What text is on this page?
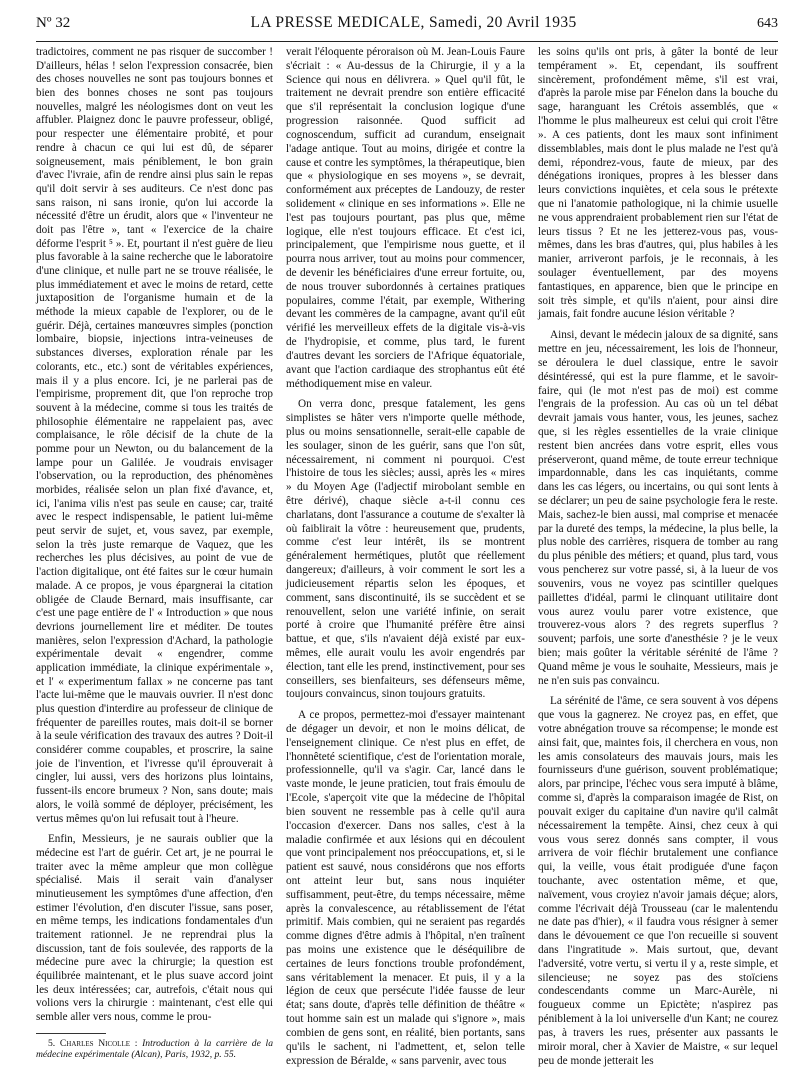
Nº 32	LA PRESSE MEDICALE, Samedi, 20 Avril 1935	643

tradictoires, comment ne pas risquer de succomber ! D'ailleurs, hélas ! selon l'expression consacrée, bien des choses nouvelles ne sont pas toujours bonnes et bien des bonnes choses ne sont pas toujours nouvelles, malgré les néologismes dont on veut les affubler. Plaignez donc le pauvre professeur, obligé, pour respecter une élémentaire probité, et pour rendre à chacun ce qui lui est dû, de séparer soigneusement, mais péniblement, le bon grain d'avec l'ivraie, afin de rendre ainsi plus sain le repas qu'il doit servir à ses auditeurs. Ce n'est donc pas sans raison, ni sans ironie, qu'on lui accorde la nécessité d'être un érudit, alors que « l'inventeur ne doit pas l'être », tant « l'exercice de la chaire déforme l'esprit ⁵ ». Et, pourtant il n'est guère de lieu plus favorable à la saine recherche que le laboratoire d'une clinique, et nulle part ne se trouve réalisée, le plus immédiatement et avec le moins de retard, cette juxtaposition de l'organisme humain et de la méthode la mieux capable de l'explorer, ou de le guérir. Déjà, certaines manœuvres simples (ponction lombaire, biopsie, injections intra-veineuses de substances diverses, exploration rénale par les colorants, etc., etc.) sont de véritables expériences, mais il y a plus encore. Ici, je ne parlerai pas de l'empirisme, proprement dit, que l'on reproche trop souvent à la médecine, comme si tous les traités de philosophie élémentaire ne rappelaient pas, avec complaisance, le rôle décisif de la chute de la pomme pour un Newton, ou du balancement de la lampe pour un Galilée. Je voudrais envisager l'observation, ou la reproduction, des phénomènes morbides, réalisée selon un plan fixé d'avance, et, ici, l'anima vilis n'est pas seule en cause; car, traité avec le respect indispensable, le patient lui-même peut servir de sujet, et, vous savez, par exemple, selon la très juste remarque de Vaquez, que les recherches les plus décisives, au point de vue de l'action digitalique, ont été faites sur le cœur humain malade. A ce propos, je vous épargnerai la citation obligée de Claude Bernard, mais insuffisante, car c'est une page entière de l' « Introduction » que nous devrions journellement lire et méditer. De toutes manières, selon l'expression d'Achard, la pathologie expérimentale devait « engendrer, comme application immédiate, la clinique expérimentale », et l' « experimentum fallax » ne concerne pas tant l'acte lui-même que le mauvais ouvrier. Il n'est donc plus question d'interdire au professeur de clinique de fréquenter de pareilles routes, mais doit-il se borner à la seule vérification des travaux des autres ? Doit-il considérer comme coupables, et proscrire, la saine joie de l'invention, et l'ivresse qu'il éprouverait à cingler, lui aussi, vers des horizons plus lointains, fussent-ils encore brumeux ? Non, sans doute; mais alors, le voilà sommé de déployer, précisément, les vertus mêmes qu'on lui refusait tout à l'heure.

Enfin, Messieurs, je ne saurais oublier que la médecine est l'art de guérir. Cet art, je ne pourrai le traiter avec la même ampleur que mon collègue spécialisé. Mais il serait vain d'analyser minutieusement les symptômes d'une affection, d'en estimer l'évolution, d'en discuter l'issue, sans poser, en même temps, les indications fondamentales d'un traitement rationnel. Je ne reprendrai plus la discussion, tant de fois soulevée, des rapports de la médecine pure avec la chirurgie; la question est équilibrée maintenant, et le plus suave accord joint les deux intéressées; car, autrefois, c'était nous qui volions vers la chirurgie : maintenant, c'est elle qui semble aller vers nous, comme le prou-

5. Charles Nicolle : Introduction à la carrière de la médecine expérimentale (Alcan), Paris, 1932, p. 55.

verait l'éloquente péroraison où M. Jean-Louis Faure s'écriait : « Au-dessus de la Chirurgie, il y a la Science qui nous en délivrera. » Quel qu'il fût, le traitement ne devrait prendre son entière efficacité que s'il représentait la conclusion logique d'une progression raisonnée. Quod sufficit ad cognoscendum, sufficit ad curandum, enseignait l'adage antique. Tout au moins, dirigée et contre la cause et contre les symptômes, la thérapeutique, bien que « physiologique en ses moyens », se devrait, conformément aux préceptes de Landouzy, de rester solidement « clinique en ses informations ». Elle ne l'est pas toujours pourtant, pas plus que, même logique, elle n'est toujours efficace. Et c'est ici, principalement, que l'empirisme nous guette, et il pourra nous arriver, tout au moins pour commencer, de devenir les bénéficiaires d'une erreur fortuite, ou, de nous trouver subordonnés à certaines pratiques populaires, comme l'était, par exemple, Withering devant les commères de la campagne, avant qu'il eût vérifié les merveilleux effets de la digitale vis-à-vis de l'hydropisie, et comme, plus tard, le furent d'autres devant les sorciers de l'Afrique équatoriale, avant que l'action cardiaque des strophantus eût été méthodiquement mise en valeur.

On verra donc, presque fatalement, les gens simplistes se hâter vers n'importe quelle méthode, plus ou moins sensationnelle, serait-elle capable de les soulager, sinon de les guérir, sans que l'on sût, nécessairement, ni comment ni pourquoi. C'est l'histoire de tous les siècles; aussi, après les « mires » du Moyen Age (l'adjectif mirobolant semble en être dérivé), chaque siècle a-t-il connu ces charlatans, dont l'assurance a coutume de s'exalter là où faiblirait la vôtre : heureusement que, prudents, comme c'est leur intérêt, ils se montrent généralement hermétiques, plutôt que réellement dangereux; d'ailleurs, à voir comment le sort les a judicieusement répartis selon les époques, et comment, sans discontinuité, ils se succèdent et se renouvellent, selon une variété infinie, on serait porté à croire que l'humanité préfère être ainsi battue, et que, s'ils n'avaient déjà existé par eux-mêmes, elle aurait voulu les avoir engendrés par élection, tant elle les prend, instinctivement, pour ses conseillers, ses bienfaiteurs, ses défenseurs même, toujours convaincus, sinon toujours gratuits.

A ce propos, permettez-moi d'essayer maintenant de dégager un devoir, et non le moins délicat, de l'enseignement clinique. Ce n'est plus en effet, de l'honnêteté scientifique, c'est de l'orientation morale, professionnelle, qu'il va s'agir. Car, lancé dans le vaste monde, le jeune praticien, tout frais émoulu de l'Ecole, s'aperçoit vite que la médecine de l'hôpital bien souvent ne ressemble pas à celle qu'il aura l'occasion d'exercer. Dans nos salles, c'est à la maladie confirmée et aux lésions qui en découlent que vont principalement nos préoccupations, et, si le patient est sauvé, nous considérons que nos efforts ont atteint leur but, sans nous inquiéter suffisamment, peut-être, du temps nécessaire, même après la convalescence, au rétablissement de l'état primitif. Mais combien, qui ne seraient pas regardés comme dignes d'être admis à l'hôpital, n'en traînent pas moins une existence que le déséquilibre de certaines de leurs fonctions trouble profondément, sans véritablement la menacer. Et puis, il y a la légion de ceux que persécute l'idée fausse de leur état; sans doute, d'après telle définition de théâtre « tout homme sain est un malade qui s'ignore », mais combien de gens sont, en réalité, bien portants, sans qu'ils le sachent, ni l'admettent, et, selon telle expression de Béralde, « sans parvenir, avec tous

les soins qu'ils ont pris, à gâter la bonté de leur tempérament ». Et, cependant, ils souffrent sincèrement, profondément même, s'il est vrai, d'après la parole mise par Fénelon dans la bouche du sage, haranguant les Crétois assemblés, que « l'homme le plus malheureux est celui qui croit l'être ». A ces patients, dont les maux sont infiniment dissemblables, mais dont le plus malade ne l'est qu'à demi, répondrez-vous, faute de mieux, par des dénégations ironiques, propres à les blesser dans leurs convictions inquiètes, et cela sous le prétexte que ni l'anatomie pathologique, ni la chimie usuelle ne vous apprendraient probablement rien sur l'état de leurs tissus ? Et ne les jetterez-vous pas, vous-mêmes, dans les bras d'autres, qui, plus habiles à les manier, arriveront parfois, je le reconnais, à les soulager éventuellement, par des moyens fantastiques, en apparence, bien que le principe en soit très simple, et qu'ils n'aient, pour ainsi dire jamais, fait fondre aucune lésion véritable ?

Ainsi, devant le médecin jaloux de sa dignité, sans mettre en jeu, nécessairement, les lois de l'honneur, se déroulera le duel classique, entre le savoir désintéressé, qui est la pure flamme, et le savoir-faire, qui (le mot n'est pas de moi) est comme l'engrais de la profession. Au cas où un tel débat devrait jamais vous hanter, vous, les jeunes, sachez que, si les règles essentielles de la vraie clinique restent bien ancrées dans votre esprit, elles vous préserveront, quand même, de toute erreur technique impardonnable, dans les cas inquiétants, comme dans les cas légers, ou incertains, ou qui sont lents à se déclarer; un peu de saine psychologie fera le reste. Mais, sachez-le bien aussi, mal comprise et menacée par la dureté des temps, la médecine, la plus belle, la plus noble des carrières, risquera de tomber au rang du plus pénible des métiers; et quand, plus tard, vous vous pencherez sur votre passé, si, à la lueur de vos souvenirs, vous ne voyez pas scintiller quelques paillettes d'idéal, parmi le clinquant utilitaire dont vous aurez voulu parer votre existence, que trouverez-vous alors ? des regrets superflus ? souvent; parfois, une sorte d'anesthésie ? je le veux bien; mais goûter la véritable sérénité de l'âme ? Quand même je vous le souhaite, Messieurs, mais je ne n'en suis pas convaincu.

La sérénité de l'âme, ce sera souvent à vos dépens que vous la gagnerez. Ne croyez pas, en effet, que votre abnégation trouve sa récompense; le monde est ainsi fait, que, maintes fois, il cherchera en vous, non les amis consolateurs des mauvais jours, mais les fournisseurs d'une guérison, souvent problématique; alors, par principe, l'échec vous sera imputé à blâme, comme si, d'après la comparaison imagée de Rist, on pouvait exiger du capitaine d'un navire qu'il calmât nécessairement la tempête. Ainsi, chez ceux à qui vous vous serez donnés sans compter, il vous arrivera de voir fléchir brutalement une confiance qui, la veille, vous était prodiguée d'une façon touchante, avec ostentation même, et que, naïvement, vous croyiez n'avoir jamais déçue; alors, comme l'écrivait déjà Trousseau (car le malentendu ne date pas d'hier), « il faudra vous résigner à semer dans le dévouement ce que l'on recueille si souvent dans l'ingratitude ». Mais surtout, que, devant l'adversité, votre vertu, si vertu il y a, reste simple, et silencieuse; ne soyez pas des stoïciens condescendants comme un Marc-Aurèle, ni fougueux comme un Epictète; n'aspirez pas péniblement à la loi universelle d'un Kant; ne courez pas, à travers les rues, présenter aux passants le miroir moral, cher à Xavier de Maistre, « sur lequel peu de monde jetterait les
